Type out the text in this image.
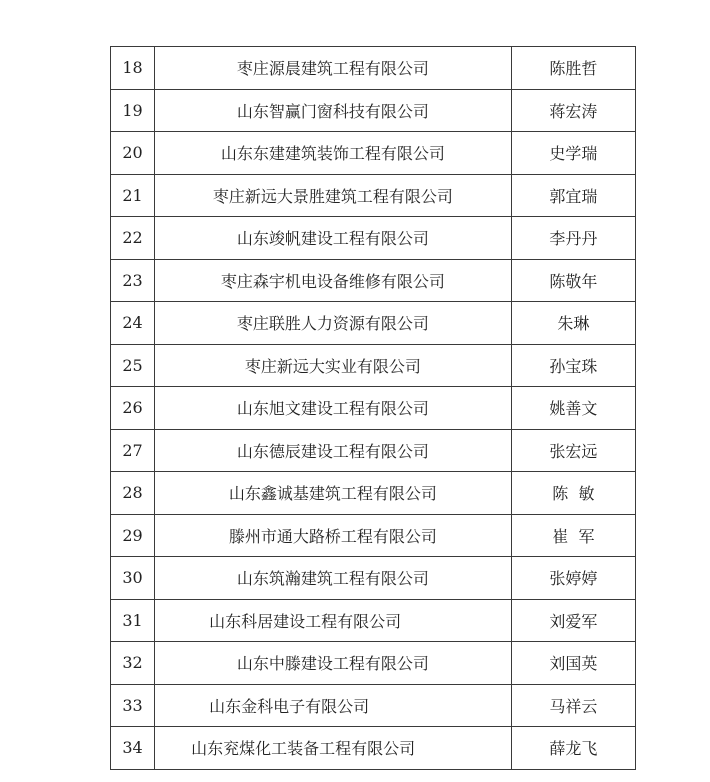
18	枣庄源晨建筑工程有限公司	陈胜哲
19	山东智赢门窗科技有限公司	蒋宏涛
20	山东东建建筑装饰工程有限公司	史学瑞
21	枣庄新远大景胜建筑工程有限公司	郭宜瑞
22	山东竣帆建设工程有限公司	李丹丹
23	枣庄森宇机电设备维修有限公司	陈敬年
24	枣庄联胜人力资源有限公司	朱琳
25	枣庄新远大实业有限公司	孙宝珠
26	山东旭文建设工程有限公司	姚善文
27	山东德辰建设工程有限公司	张宏远
28	山东鑫诚基建筑工程有限公司	陈  敏
29	滕州市通大路桥工程有限公司	崔  军
30	山东筑瀚建筑工程有限公司	张婷婷
31	山东科居建设工程有限公司	刘爱军
32	山东中滕建设工程有限公司	刘国英
33	山东金科电子有限公司	马祥云
34	山东兖煤化工装备工程有限公司	薛龙飞
